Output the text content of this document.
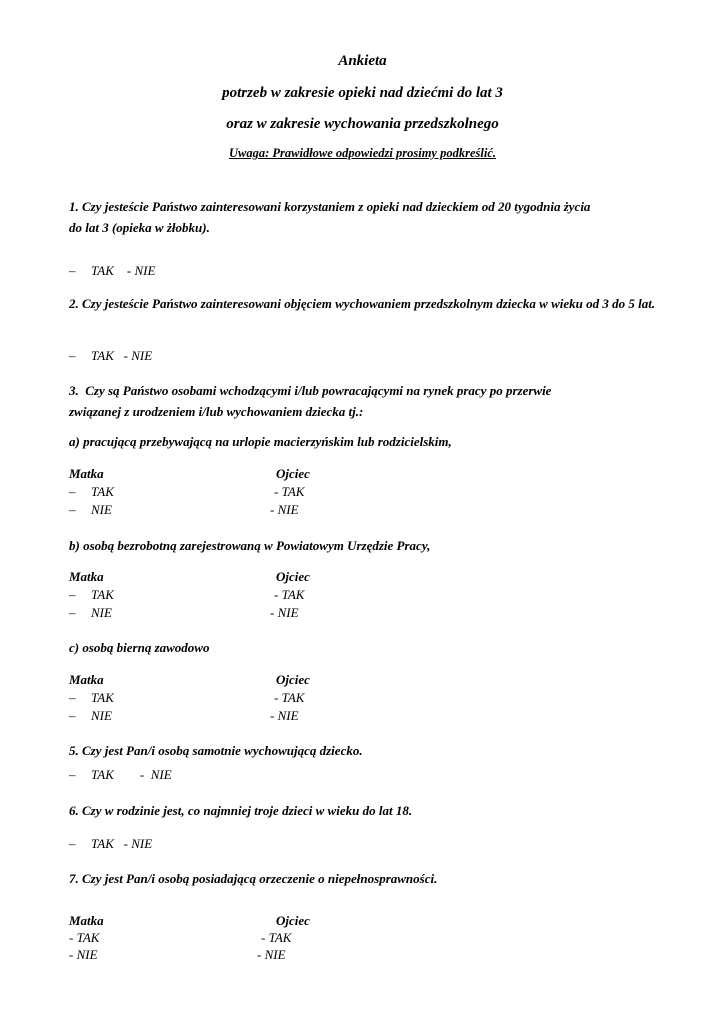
Ankieta
potrzeb w zakresie opieki nad dziećmi do lat 3
oraz w zakresie wychowania przedszkolnego
Uwaga: Prawidłowe odpowiedzi prosimy podkreślić.
1. Czy jesteście Państwo zainteresowani korzystaniem z opieki nad dzieckiem od 20 tygodnia życia
do lat 3 (opieka w żłobku).
– TAK    - NIE
2. Czy jesteście Państwo zainteresowani objęciem wychowaniem przedszkolnym dziecka w wieku od 3 do 5 lat.
– TAK   - NIE
3.  Czy są Państwo osobami wchodzącymi i/lub powracającymi na rynek pracy po przerwie
związanej z urodzeniem i/lub wychowaniem dziecka tj.:
a) pracującą przebywającą na urlopie macierzyńskim lub rodzicielskim,
Matka	Ojciec
– TAK	- TAK
– NIE	- NIE
b) osobą bezrobotną zarejestrowaną w Powiatowym Urzędzie Pracy,
Matka	Ojciec
– TAK	- TAK
– NIE	- NIE
c) osobą bierną zawodowo
Matka	Ojciec
– TAK	- TAK
– NIE	- NIE
5. Czy jest Pan/i osobą samotnie wychowującą dziecko.
– TAK        -  NIE
6. Czy w rodzinie jest, co najmniej troje dzieci w wieku do lat 18.
– TAK   - NIE
7. Czy jest Pan/i osobą posiadającą orzeczenie o niepełnosprawności.
Matka	Ojciec
- TAK	- TAK
- NIE	- NIE
